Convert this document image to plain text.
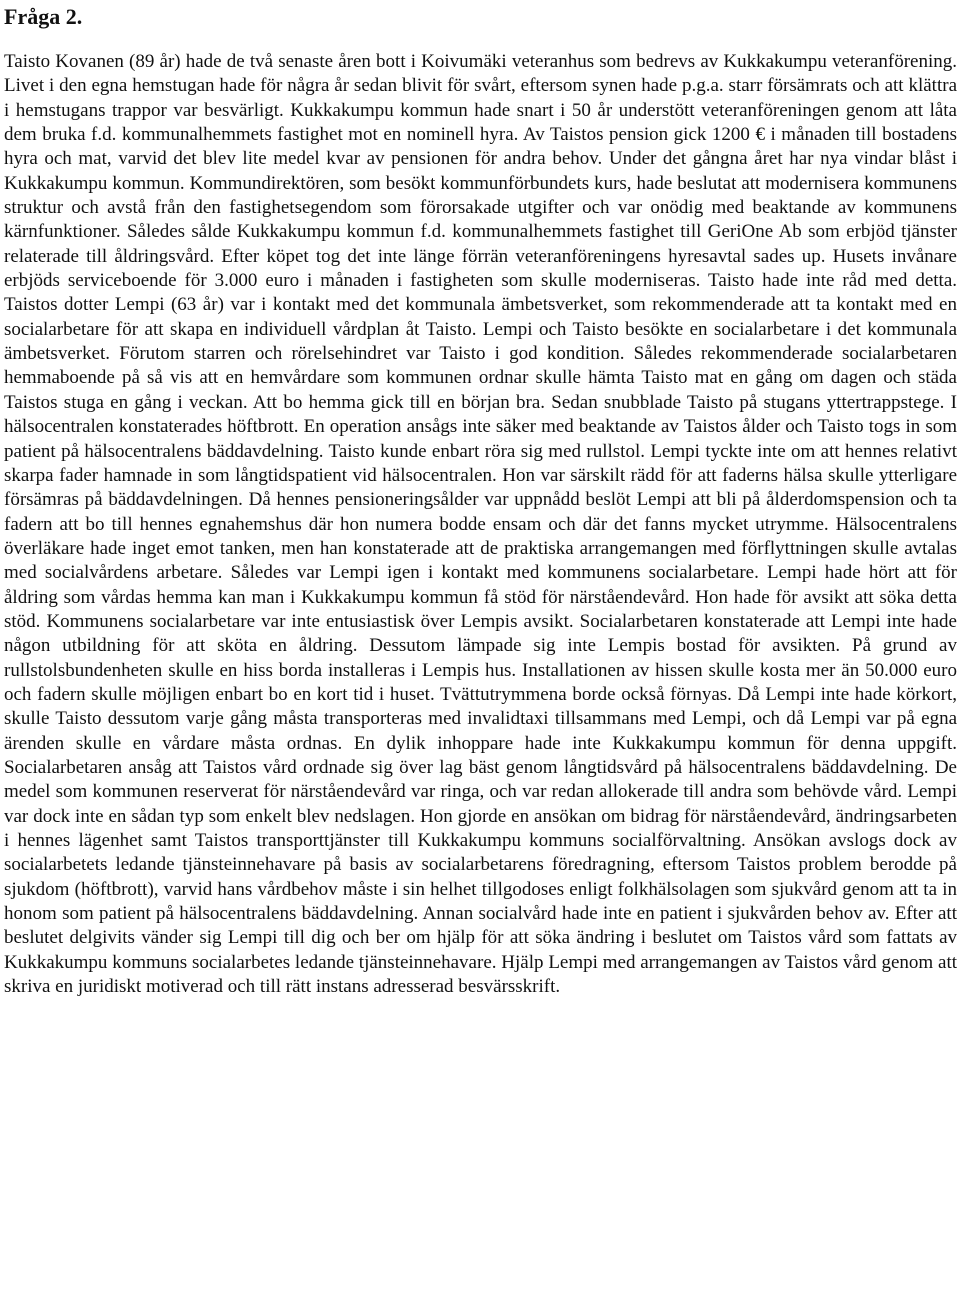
Fråga 2.

Taisto Kovanen (89 år) hade de två senaste åren bott i Koivumäki veteranhus som bedrevs av Kukkakumpu veteranförening. Livet i den egna hemstugan hade för några år sedan blivit för svårt, eftersom synen hade p.g.a. starr försämrats och att klättra i hemstugans trappor var besvärligt. Kukkakumpu kommun hade snart i 50 år understött veteranföreningen genom att låta dem bruka f.d. kommunalhemmets fastighet mot en nominell hyra. Av Taistos pension gick 1200 € i månaden till bostadens hyra och mat, varvid det blev lite medel kvar av pensionen för andra behov. Under det gångna året har nya vindar blåst i Kukkakumpu kommun. Kommundirektören, som besökt kommunförbundets kurs, hade beslutat att modernisera kommunens struktur och avstå från den fastighetsegendom som förorsakade utgifter och var onödig med beaktande av kommunens kärnfunktioner. Således sålde Kukkakumpu kommun f.d. kommunalhemmets fastighet till GeriOne Ab som erbjöd tjänster relaterade till åldringsvård. Efter köpet tog det inte länge förrän veteranföreningens hyresavtal sades up. Husets invånare erbjöds serviceboende för 3.000 euro i månaden i fastigheten som skulle moderniseras. Taisto hade inte råd med detta. Taistos dotter Lempi (63 år) var i kontakt med det kommunala ämbetsverket, som rekommenderade att ta kontakt med en socialarbetare för att skapa en individuell vårdplan åt Taisto. Lempi och Taisto besökte en socialarbetare i det kommunala ämbetsverket. Förutom starren och rörelsehindret var Taisto i god kondition. Således rekommenderade socialarbetaren hemmaboende på så vis att en hemvårdare som kommunen ordnar skulle hämta Taisto mat en gång om dagen och städa Taistos stuga en gång i veckan. Att bo hemma gick till en början bra. Sedan snubblade Taisto på stugans yttertrappstege. I hälsocentralen konstaterades höftbrott. En operation ansågs inte säker med beaktande av Taistos ålder och Taisto togs in som patient på hälsocentralens bäddavdelning. Taisto kunde enbart röra sig med rullstol. Lempi tyckte inte om att hennes relativt skarpa fader hamnade in som långtidspatient vid hälsocentralen. Hon var särskilt rädd för att faderns hälsa skulle ytterligare försämras på bäddavdelningen. Då hennes pensioneringsålder var uppnådd beslöt Lempi att bli på ålderdomspension och ta fadern att bo till hennes egnahemshus där hon numera bodde ensam och där det fanns mycket utrymme. Hälsocentralens överläkare hade inget emot tanken, men han konstaterade att de praktiska arrangemangen med förflyttningen skulle avtalas med socialvårdens arbetare. Således var Lempi igen i kontakt med kommunens socialarbetare. Lempi hade hört att för åldring som vårdas hemma kan man i Kukkakumpu kommun få stöd för närståendevård. Hon hade för avsikt att söka detta stöd. Kommunens socialarbetare var inte entusiastisk över Lempis avsikt. Socialarbetaren konstaterade att Lempi inte hade någon utbildning för att sköta en åldring. Dessutom lämpade sig inte Lempis bostad för avsikten. På grund av rullstolsbundenheten skulle en hiss borda installeras i Lempis hus. Installationen av hissen skulle kosta mer än 50.000 euro och fadern skulle möjligen enbart bo en kort tid i huset. Tvättutrymmena borde också förnyas. Då Lempi inte hade körkort, skulle Taisto dessutom varje gång måsta transporteras med invalidtaxi tillsammans med Lempi, och då Lempi var på egna ärenden skulle en vårdare måsta ordnas. En dylik inhoppare hade inte Kukkakumpu kommun för denna uppgift. Socialarbetaren ansåg att Taistos vård ordnade sig över lag bäst genom långtidsvård på hälsocentralens bäddavdelning. De medel som kommunen reserverat för närståendevård var ringa, och var redan allokerade till andra som behövde vård. Lempi var dock inte en sådan typ som enkelt blev nedslagen. Hon gjorde en ansökan om bidrag för närståendevård, ändringsarbeten i hennes lägenhet samt Taistos transporttjänster till Kukkakumpu kommuns socialförvaltning. Ansökan avslogs dock av socialarbetets ledande tjänsteinnehavare på basis av socialarbetarens föredragning, eftersom Taistos problem berodde på sjukdom (höftbrott), varvid hans vårdbehov måste i sin helhet tillgodoses enligt folkhälsolagen som sjukvård genom att ta in honom som patient på hälsocentralens bäddavdelning. Annan socialvård hade inte en patient i sjukvården behov av. Efter att beslutet delgivits vänder sig Lempi till dig och ber om hjälp för att söka ändring i beslutet om Taistos vård som fattats av Kukkakumpu kommuns socialarbetes ledande tjänsteinnehavare. Hjälp Lempi med arrangemangen av Taistos vård genom att skriva en juridiskt motiverad och till rätt instans adresserad besvärsskrift.
